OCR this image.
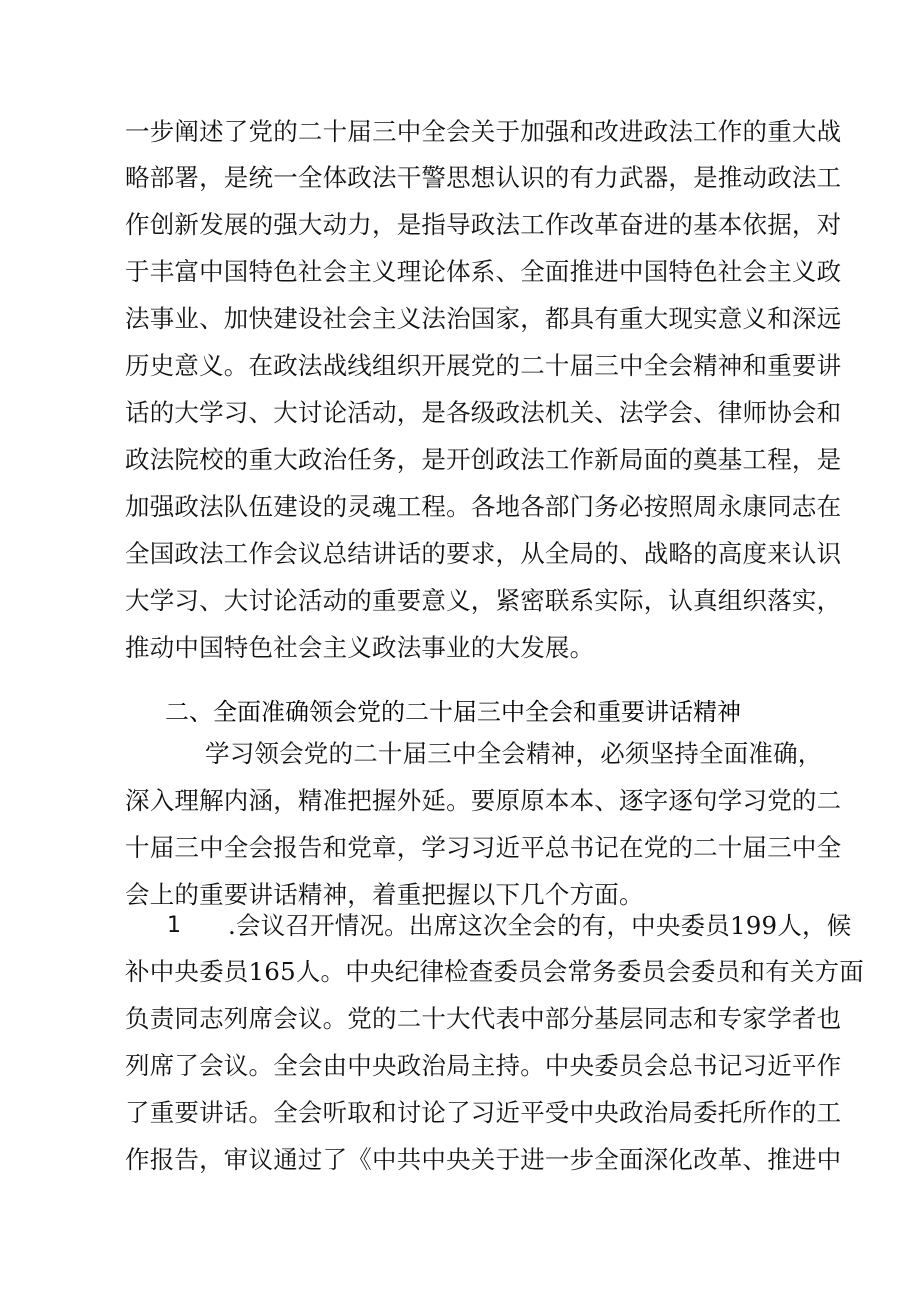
一步阐述了党的二十届三中全会关于加强和改进政法工作的重大战
略部署，是统一全体政法干警思想认识的有力武器，是推动政法工
作创新发展的强大动力，是指导政法工作改革奋进的基本依据，对
于丰富中国特色社会主义理论体系、全面推进中国特色社会主义政
法事业、加快建设社会主义法治国家，都具有重大现实意义和深远
历史意义。在政法战线组织开展党的二十届三中全会精神和重要讲
话的大学习、大讨论活动，是各级政法机关、法学会、律师协会和
政法院校的重大政治任务，是开创政法工作新局面的奠基工程，是
加强政法队伍建设的灵魂工程。各地各部门务必按照周永康同志在
全国政法工作会议总结讲话的要求，从全局的、战略的高度来认识
大学习、大讨论活动的重要意义，紧密联系实际，认真组织落实，
推动中国特色社会主义政法事业的大发展。
二、全面准确领会党的二十届三中全会和重要讲话精神
学习领会党的二十届三中全会精神，必须坚持全面准确，
深入理解内涵，精准把握外延。要原原本本、逐字逐句学习党的二
十届三中全会报告和党章，学习习近平总书记在党的二十届三中全
会上的重要讲话精神，着重把握以下几个方面。
1 .会议召开情况。出席这次全会的有，中央委员199人，候
补中央委员165人。中央纪律检查委员会常务委员会委员和有关方面
负责同志列席会议。党的二十大代表中部分基层同志和专家学者也
列席了会议。全会由中央政治局主持。中央委员会总书记习近平作
了重要讲话。全会听取和讨论了习近平受中央政治局委托所作的工
作报告，审议通过了《中共中央关于进一步全面深化改革、推进中
